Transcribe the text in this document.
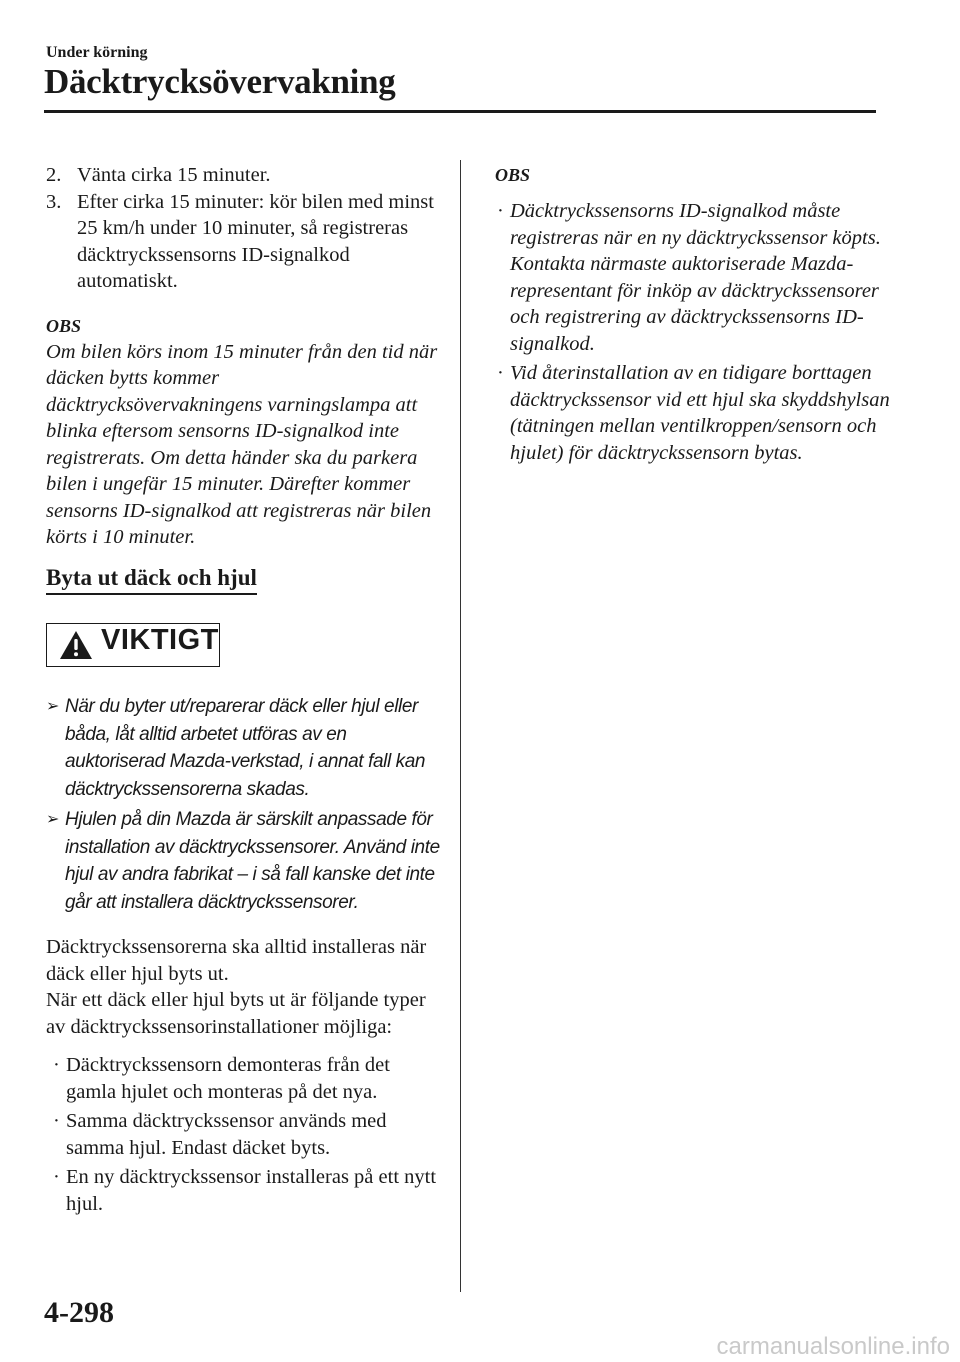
Under körning
Däcktrycksövervakning
2. Vänta cirka 15 minuter.
3. Efter cirka 15 minuter: kör bilen med minst 25 km/h under 10 minuter, så registreras däcktryckssensorns ID-signalkod automatiskt.
OBS
Om bilen körs inom 15 minuter från den tid när däcken bytts kommer däcktrycksövervakningens varningslampa att blinka eftersom sensorns ID-signalkod inte registrerats. Om detta händer ska du parkera bilen i ungefär 15 minuter. Därefter kommer sensorns ID-signalkod att registreras när bilen körts i 10 minuter.
Byta ut däck och hjul
VIKTIGT
➢ När du byter ut/reparerar däck eller hjul eller båda, låt alltid arbetet utföras av en auktoriserad Mazda-verkstad, i annat fall kan däcktryckssensorerna skadas.
➢ Hjulen på din Mazda är särskilt anpassade för installation av däcktryckssensorer. Använd inte hjul av andra fabrikat – i så fall kanske det inte går att installera däcktryckssensorer.
Däcktryckssensorerna ska alltid installeras när däck eller hjul byts ut.
När ett däck eller hjul byts ut är följande typer av däcktryckssensorinstallationer möjliga:
· Däcktryckssensorn demonteras från det gamla hjulet och monteras på det nya.
· Samma däcktryckssensor används med samma hjul. Endast däcket byts.
· En ny däcktryckssensor installeras på ett nytt hjul.
OBS
· Däcktryckssensorns ID-signalkod måste registreras när en ny däcktryckssensor köpts. Kontakta närmaste auktoriserade Mazda-representant för inköp av däcktryckssensorer och registrering av däcktryckssensorns ID-signalkod.
· Vid återinstallation av en tidigare borttagen däcktryckssensor vid ett hjul ska skyddshylsan (tätningen mellan ventilkroppen/sensorn och hjulet) för däcktryckssensorn bytas.
4-298
carmanualsonline.info
